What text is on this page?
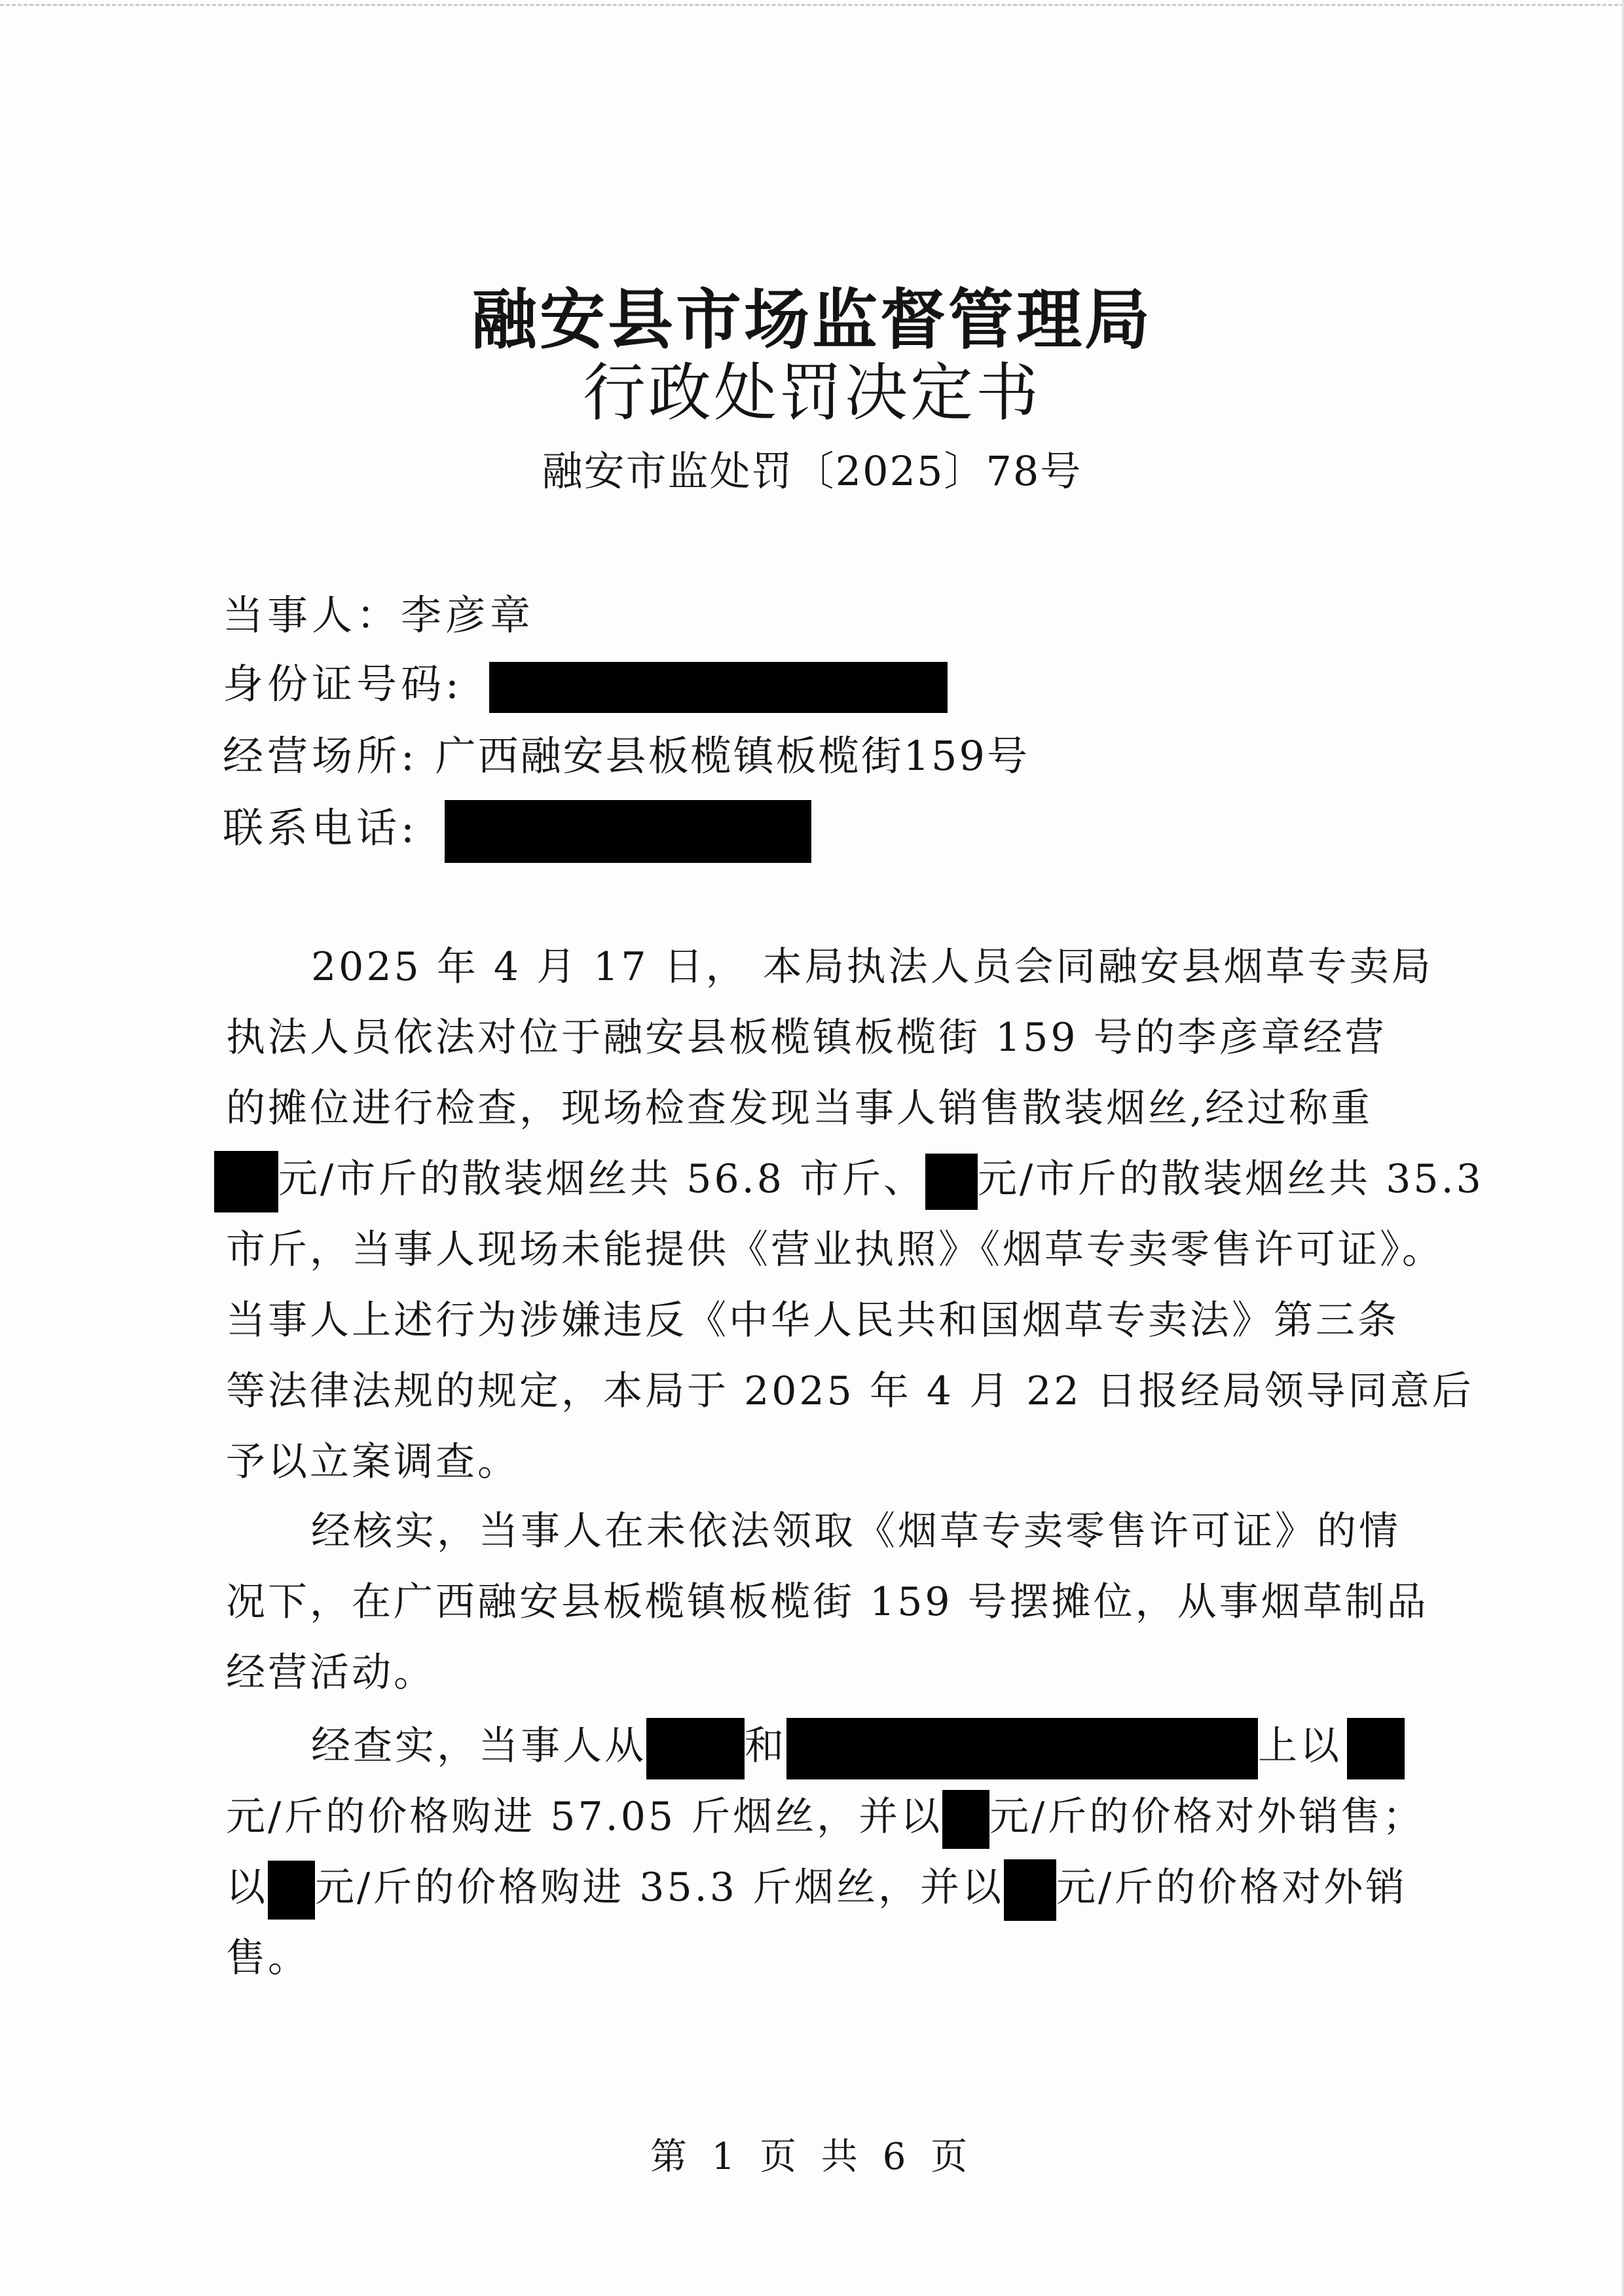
融安县市场监督管理局
行政处罚决定书
融安市监处罚〔2025〕78号
当事人：李彦章
身份证号码:
经营场所: 广西融安县板榄镇板榄街159号
联系电话:
2025 年 4 月 17 日， 本局执法人员会同融安县烟草专卖局
执法人员依法对位于融安县板榄镇板榄街 159 号的李彦章经营
的摊位进行检查，现场检查发现当事人销售散装烟丝,经过称重
元/市斤的散装烟丝共 56.8 市斤、 元/市斤的散装烟丝共 35.3
市斤，当事人现场未能提供《营业执照》《烟草专卖零售许可证》。
当事人上述行为涉嫌违反《中华人民共和国烟草专卖法》第三条
等法律法规的规定，本局于 2025 年 4 月 22 日报经局领导同意后
予以立案调查。
经核实，当事人在未依法领取《烟草专卖零售许可证》的情
况下，在广西融安县板榄镇板榄街 159 号摆摊位，从事烟草制品
经营活动。
经查实，当事人从	和	上以
元/斤的价格购进 57.05 斤烟丝，并以 元/斤的价格对外销售；
以 元/斤的价格购进 35.3 斤烟丝，并以 元/斤的价格对外销
售。
第 1 页 共 6 页
